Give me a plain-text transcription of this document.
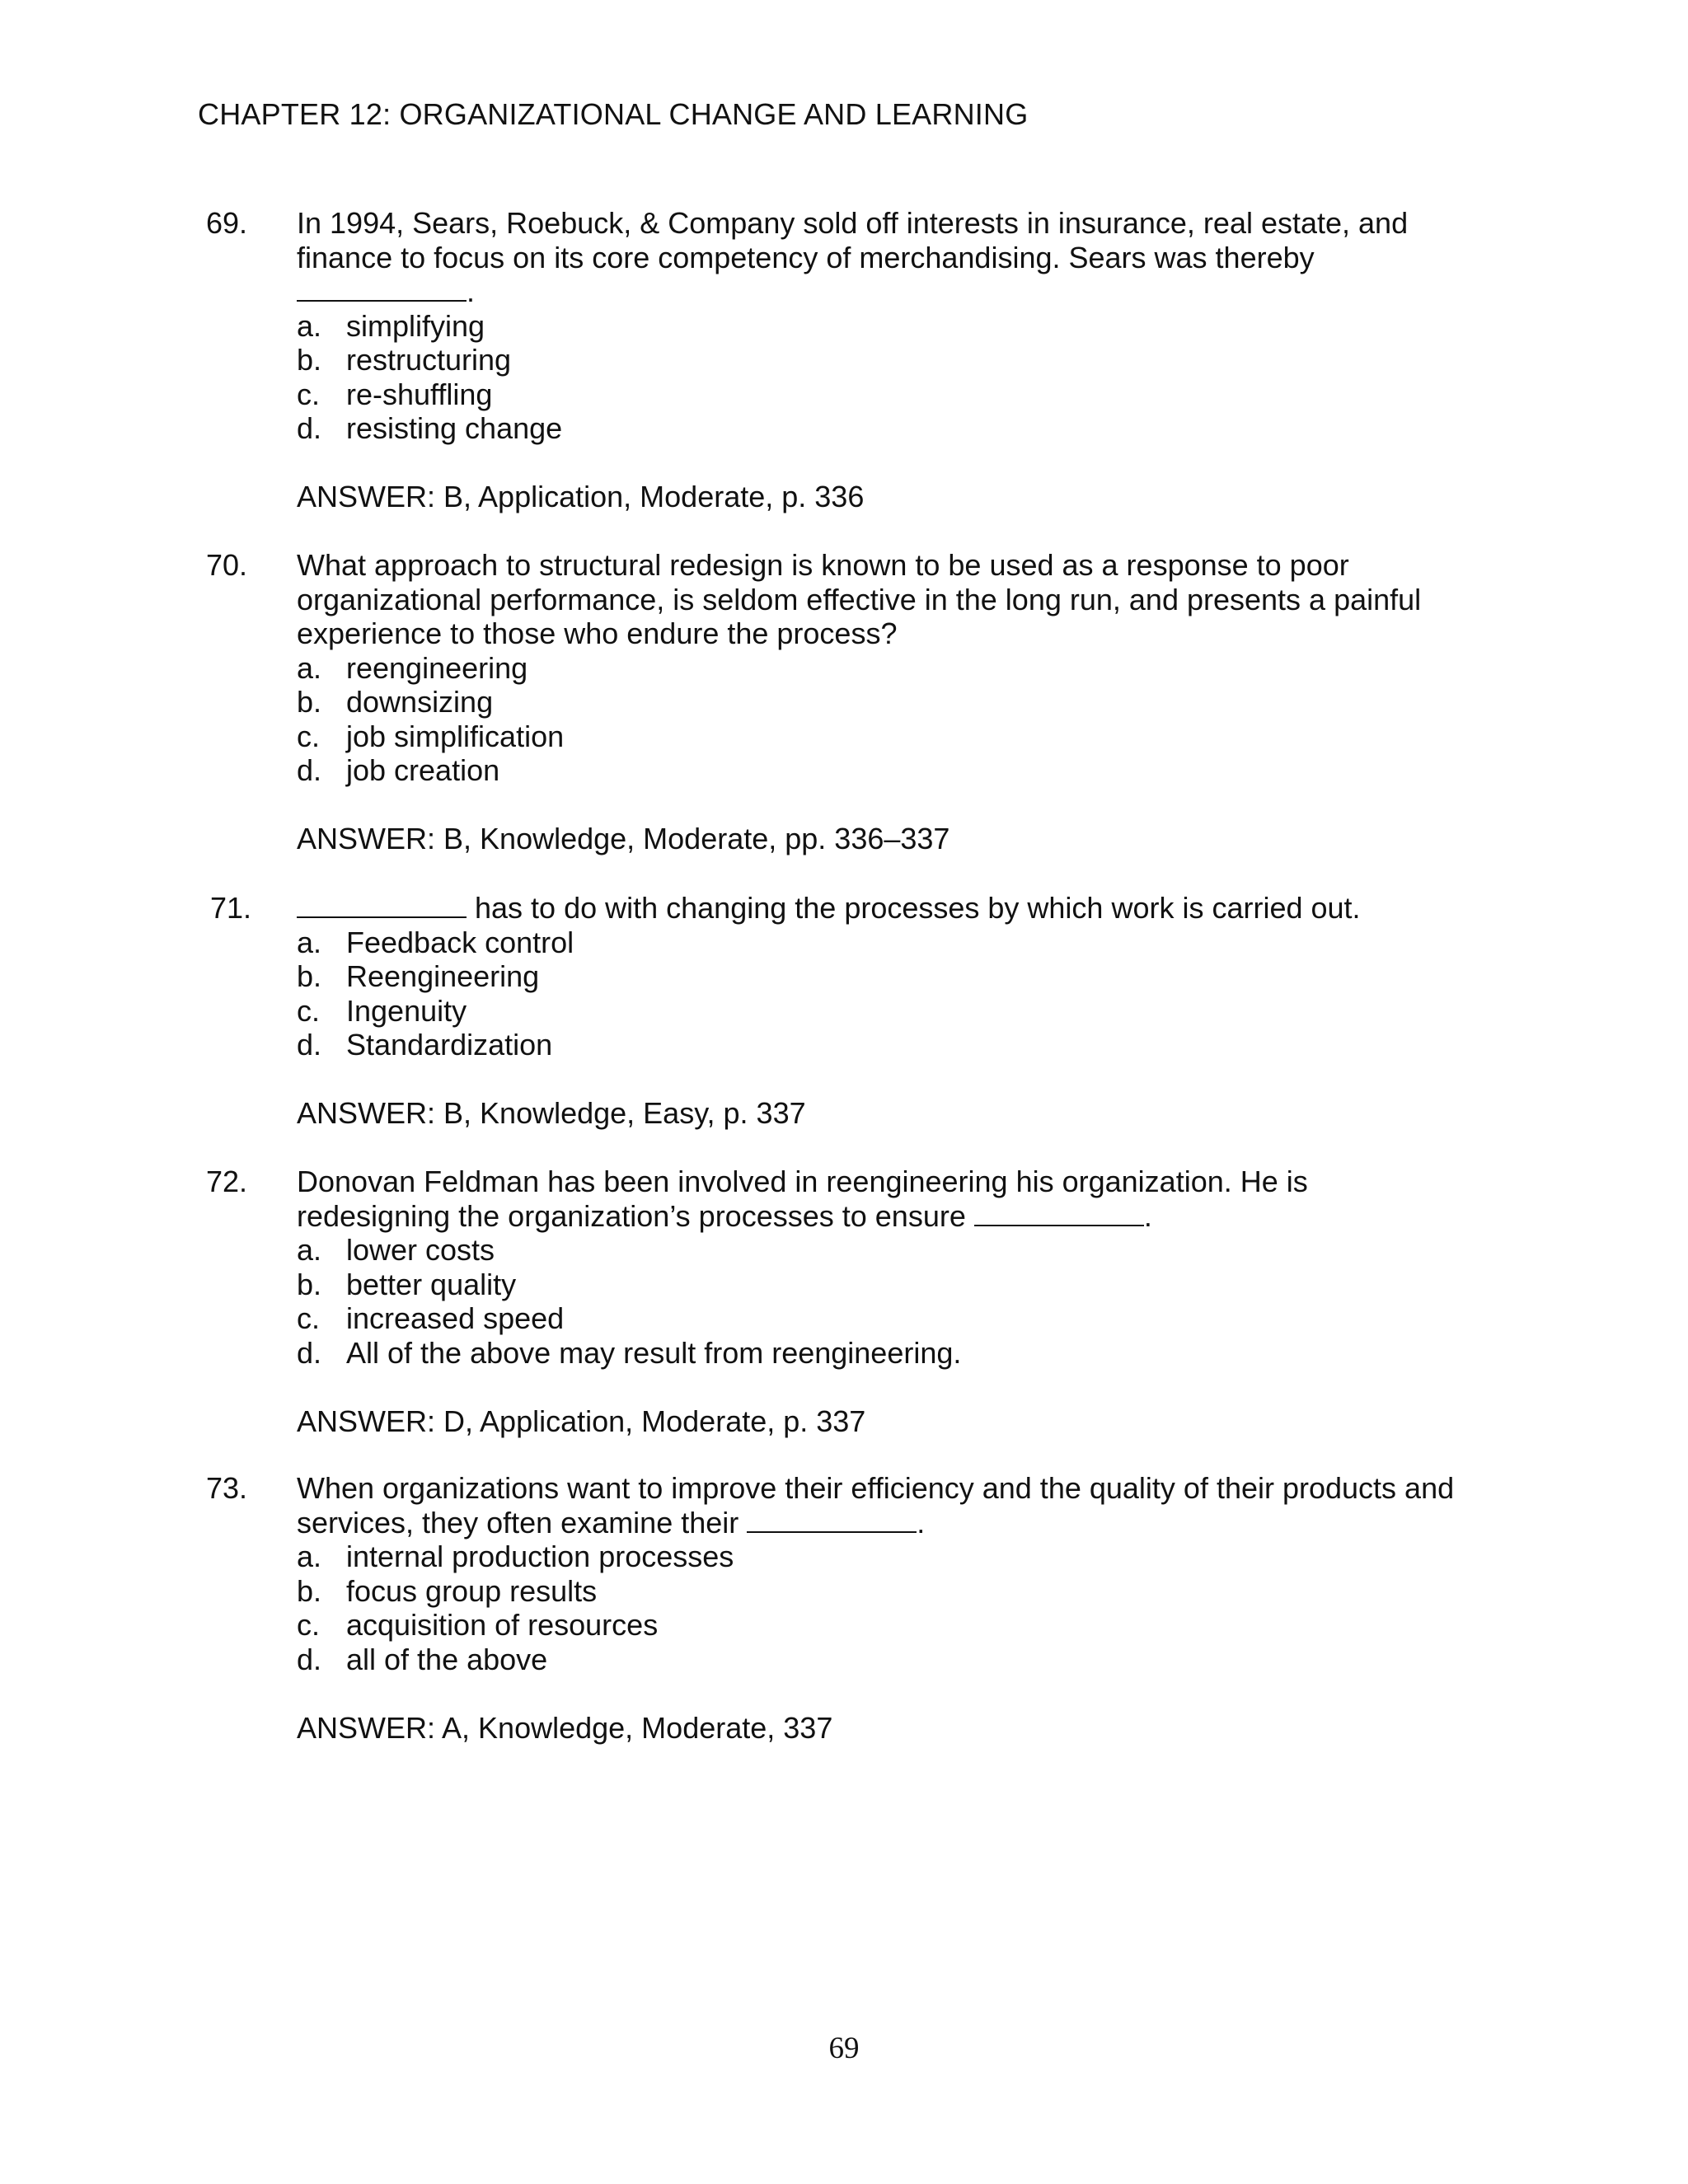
CHAPTER 12: ORGANIZATIONAL CHANGE AND LEARNING
69. In 1994, Sears, Roebuck, & Company sold off interests in insurance, real estate, and
finance to focus on its core competency of merchandising. Sears was thereby
.
a. simplifying
b. restructuring
c. re-shuffling
d. resisting change
ANSWER: B, Application, Moderate, p. 336
70. What approach to structural redesign is known to be used as a response to poor
organizational performance, is seldom effective in the long run, and presents a painful
experience to those who endure the process?
a. reengineering
b. downsizing
c. job simplification
d. job creation
ANSWER: B, Knowledge, Moderate, pp. 336–337
71.	has to do with changing the processes by which work is carried out.
a. Feedback control
b. Reengineering
c. Ingenuity
d. Standardization
ANSWER: B, Knowledge, Easy, p. 337
72. Donovan Feldman has been involved in reengineering his organization. He is
redesigning the organization’s processes to ensure	.
a. lower costs
b. better quality
c. increased speed
d. All of the above may result from reengineering.
ANSWER: D, Application, Moderate, p. 337
73. When organizations want to improve their efficiency and the quality of their products and
services, they often examine their	.
a. internal production processes
b. focus group results
c. acquisition of resources
d. all of the above
ANSWER: A, Knowledge, Moderate, 337
69
